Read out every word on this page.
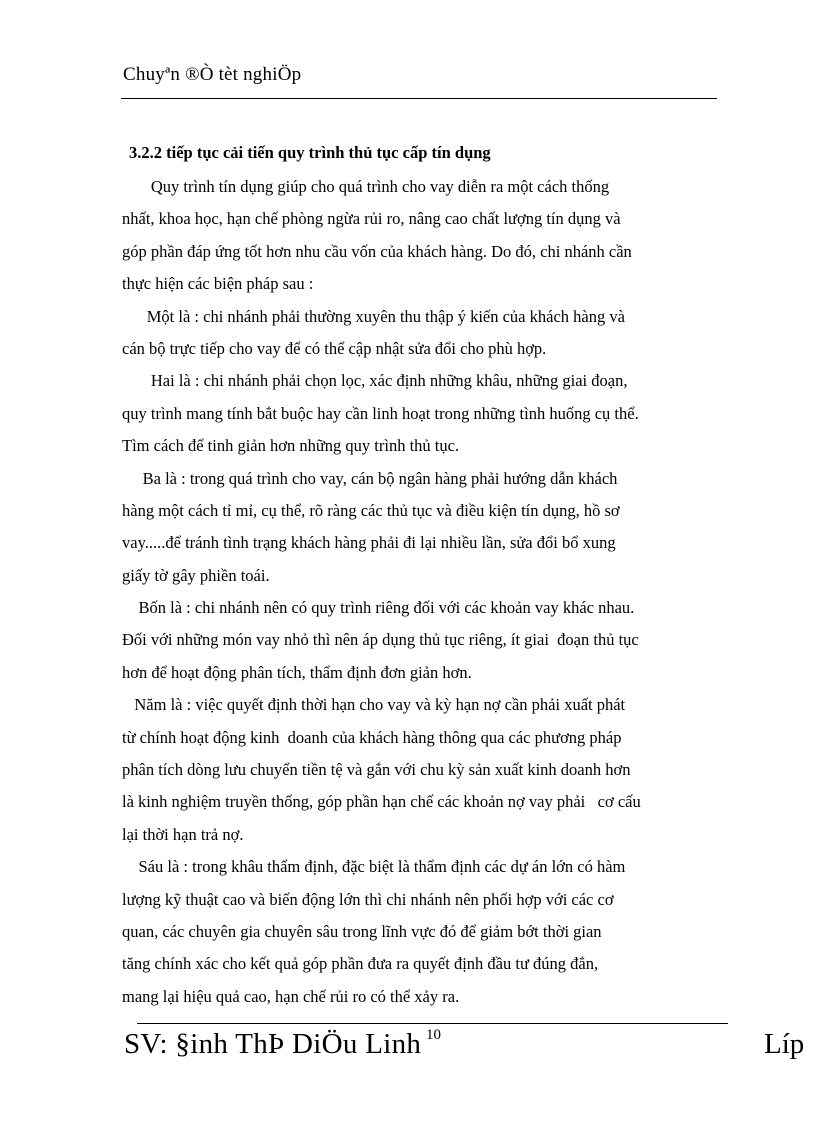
Chuyªn ®Ò tèt nghiÖp
3.2.2 tiếp tục cải tiến quy trình thủ tục cấp tín dụng
Quy trình tín dụng giúp cho quá trình cho vay diễn ra một cách thống
nhất, khoa học, hạn chế phòng ngừa rủi ro, nâng cao chất lượng tín dụng và
góp phần đáp ứng tốt hơn nhu cầu vốn của khách hàng. Do đó, chi nhánh cần
thực hiện các biện pháp sau :
Một là : chi nhánh phải thường xuyên thu thập ý kiến của khách hàng và
cán bộ trực tiếp cho vay để có thể cập nhật sửa đổi cho phù hợp.
Hai là : chi nhánh phải chọn lọc, xác định những khâu, những giai đoạn,
quy trình mang tính bắt buộc hay cần linh hoạt trong những tình huống cụ thể.
Tìm cách để tinh giản hơn những quy trình thủ tục.
Ba là : trong quá trình cho vay, cán bộ ngân hàng phải hướng dẫn khách
hàng một cách tỉ mỉ, cụ thể, rõ ràng các thủ tục và điều kiện tín dụng, hồ sơ
vay.....để tránh tình trạng khách hàng phải đi lại nhiều lần, sửa đổi bổ xung
giấy tờ gây phiền toái.
Bốn là : chi nhánh nên có quy trình riêng đối với các khoản vay khác nhau.
Đối với những món vay nhỏ thì nên áp dụng thủ tục riêng, ít giai  đoạn thủ tục
hơn để hoạt động phân tích, thẩm định đơn giản hơn.
Năm là : việc quyết định thời hạn cho vay và kỳ hạn nợ cần phải xuất phát
từ chính hoạt động kinh  doanh của khách hàng thông qua các phương pháp
phân tích dòng lưu chuyển tiền tệ và gắn với chu kỳ sản xuất kinh doanh hơn
là kinh nghiệm truyền thống, góp phần hạn chế các khoản nợ vay phải   cơ cấu
lại thời hạn trả nợ.
Sáu là : trong khâu thẩm định, đặc biệt là thẩm định các dự án lớn có hàm
lượng kỹ thuật cao và biến động lớn thì chi nhánh nên phối hợp với các cơ
quan, các chuyên gia chuyên sâu trong lĩnh vực đó để giảm bớt thời gian
tăng chính xác cho kết quả góp phần đưa ra quyết định đầu tư đúng đắn,
mang lại hiệu quả cao, hạn chế rủi ro có thể xảy ra.
SV: §inh ThÞ DiÖu Linh 10	Líp
